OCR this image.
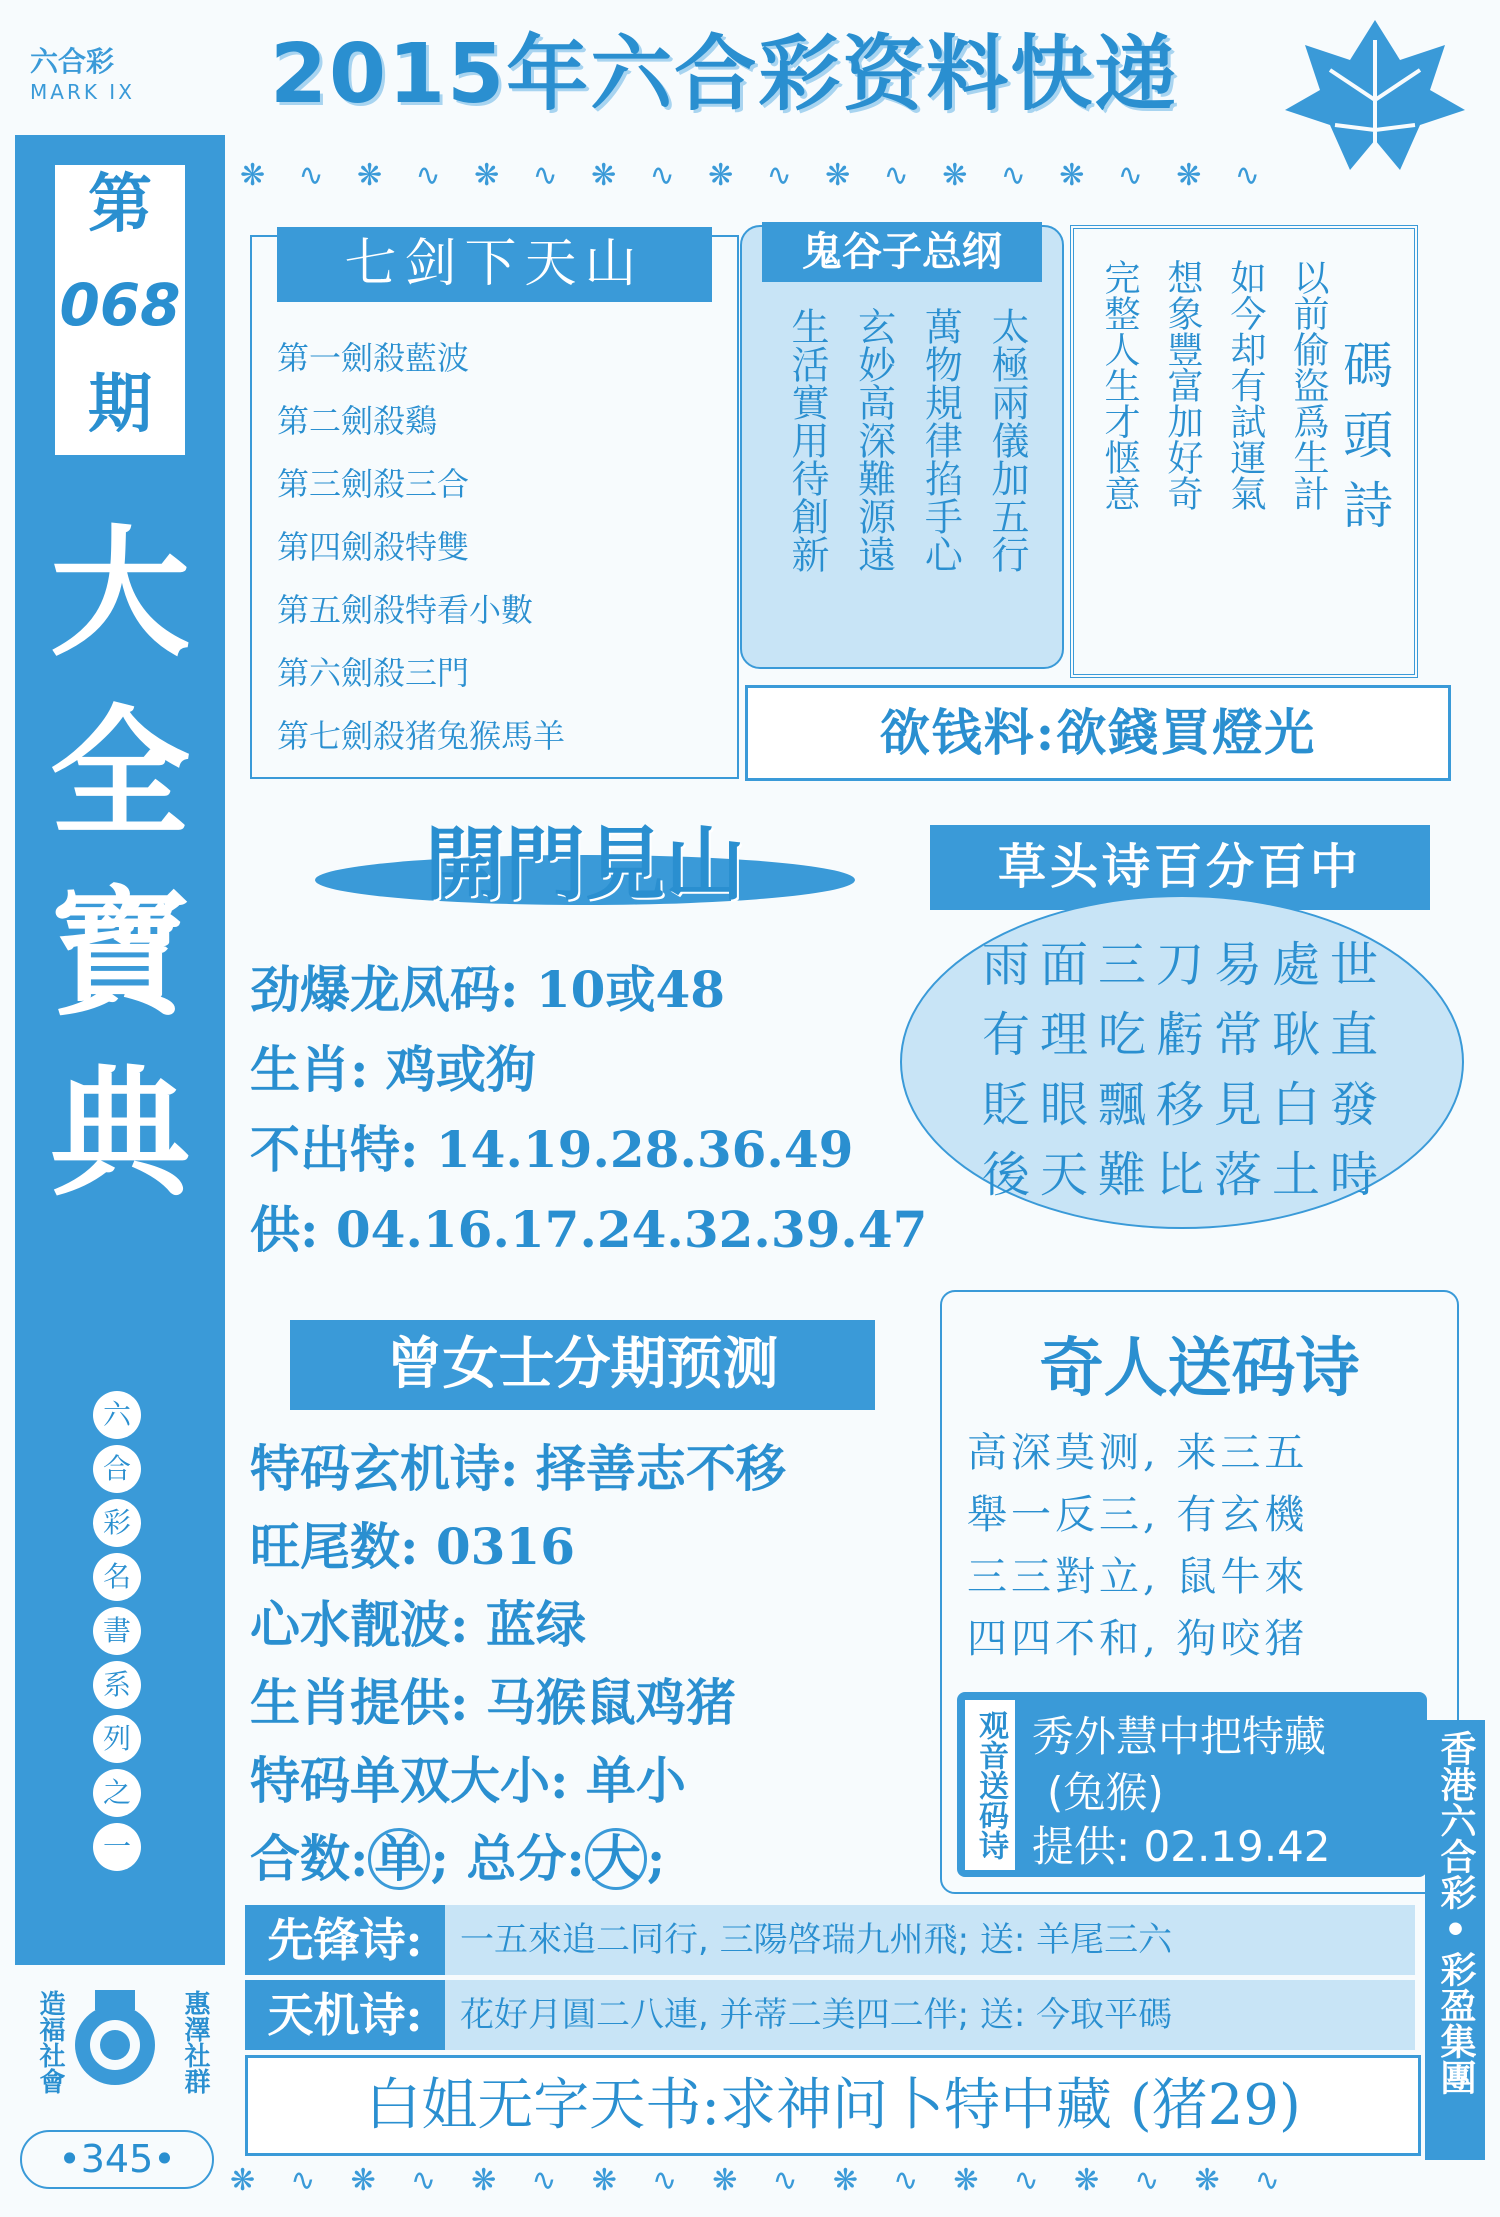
六合彩
MARK IX	2015年六合彩资料快递
❋ ∿ ❋ ∿ ❋ ∿ ❋ ∿ ❋ ∿ ❋ ∿ ❋ ∿ ❋ ∿ ❋ ∿
❋ ∿ ❋ ∿ ❋ ∿ ❋ ∿ ❋ ∿ ❋ ∿ ❋ ∿ ❋ ∿ ❋ ∿
第
068
期
大
全
寶
典
六
合
彩
名
書
系
列
之
一
造福社會	惠澤社群
•345•
七剑下天山
第一劍殺藍波
第二劍殺鷄
第三劍殺三合
第四劍殺特雙
第五劍殺特看小數
第六劍殺三門
第七劍殺猪兔猴馬羊
鬼谷子总纲
太極兩儀加五行
萬物規律掐手心
玄妙高深難源遠
生活實用待創新	以前偷盜爲生計
如今却有試運氣
想象豐富加好奇
完整人生才惬意	碼頭詩
欲钱料:欲錢買燈光
開門見山
劲爆龙凤码: 10或48
生肖: 鸡或狗
不出特: 14.19.28.36.49
供: 04.16.17.24.32.39.47
草头诗百分百中
雨面三刀易處世
有理吃虧常耿直
貶眼飄移見白發
後天難比落土時
曾女士分期预测
特码玄机诗: 择善志不移
旺尾数: 0316
心水靓波: 蓝绿
生肖提供: 马猴鼠鸡猪
特码单双大小: 单小
合数: 单 ; 总分: 大 ;
奇人送码诗
高深莫测, 来三五
舉一反三, 有玄機
三三對立, 鼠牛來
四四不和, 狗咬猪
观音送码诗 秀外慧中把特藏
(兔猴)
提供: 02.19.42	香港六合彩•彩盈集團
先锋诗:	一五來追二同行, 三陽啓瑞九州飛; 送: 羊尾三六
天机诗:	花好月圓二八連, 并蒂二美四二伴; 送: 今取平碼
白姐无字天书:求神问卜特中藏 (猪29)
